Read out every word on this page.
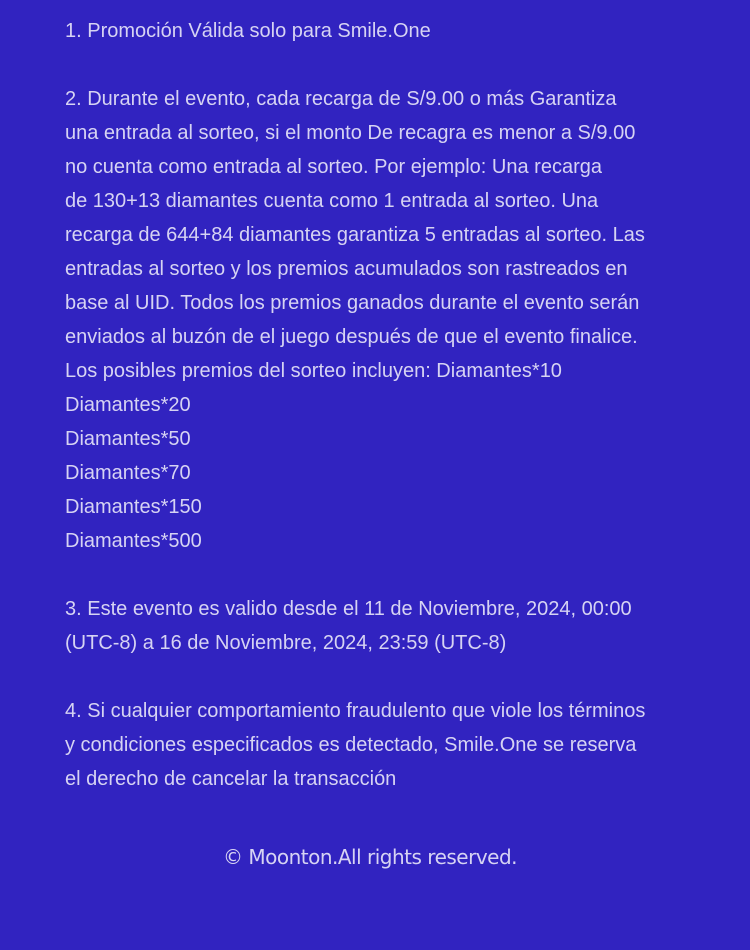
1. Promoción Válida solo para Smile.One
2. Durante el evento, cada recarga de S/9.00 o más Garantiza
una entrada al sorteo, si el monto De recagra es menor a S/9.00
no cuenta como entrada al sorteo. Por ejemplo: Una recarga
de 130+13 diamantes cuenta como 1 entrada al sorteo. Una
recarga de 644+84 diamantes garantiza 5 entradas al sorteo. Las
entradas al sorteo y los premios acumulados son rastreados en
base al UID. Todos los premios ganados durante el evento serán
enviados al buzón de el juego después de que el evento finalice.
Los posibles premios del sorteo incluyen: Diamantes*10
Diamantes*20
Diamantes*50
Diamantes*70
Diamantes*150
Diamantes*500
3. Este evento es valido desde el 11 de Noviembre, 2024, 00:00
(UTC-8) a 16 de Noviembre, 2024, 23:59 (UTC-8)
4. Si cualquier comportamiento fraudulento que viole los términos
y condiciones especificados es detectado, Smile.One se reserva
el derecho de cancelar la transacción
© Moonton.All rights reserved.
